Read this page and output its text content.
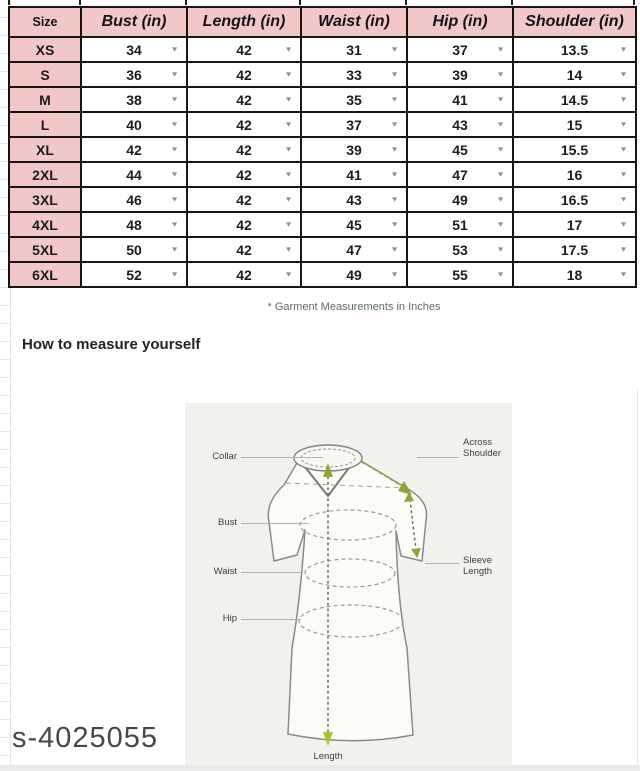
Size	Bust (in)	Length (in)	Waist (in)	Hip (in)	Shoulder (in)
XS	34 ▼	42 ▼	31 ▼	37 ▼	13.5 ▼

S	36 ▼	42 ▼	33 ▼	39 ▼	14 ▼

M	38 ▼	42 ▼	35 ▼	41 ▼	14.5 ▼

L	40 ▼	42 ▼	37 ▼	43 ▼	15 ▼

XL	42 ▼	42 ▼	39 ▼	45 ▼	15.5 ▼

2XL	44 ▼	42 ▼	41 ▼	47 ▼	16 ▼

3XL	46 ▼	42 ▼	43 ▼	49 ▼	16.5 ▼

4XL	48 ▼	42 ▼	45 ▼	51 ▼	17 ▼

5XL	50 ▼	42 ▼	47 ▼	53 ▼	17.5 ▼

6XL	52 ▼	42 ▼	49 ▼	55 ▼	18 ▼
* Garment Measurements in Inches
How to measure yourself
Collar
Bust
Waist
Hip
Across Shoulder
Sleeve Length
Length
s-4025055
